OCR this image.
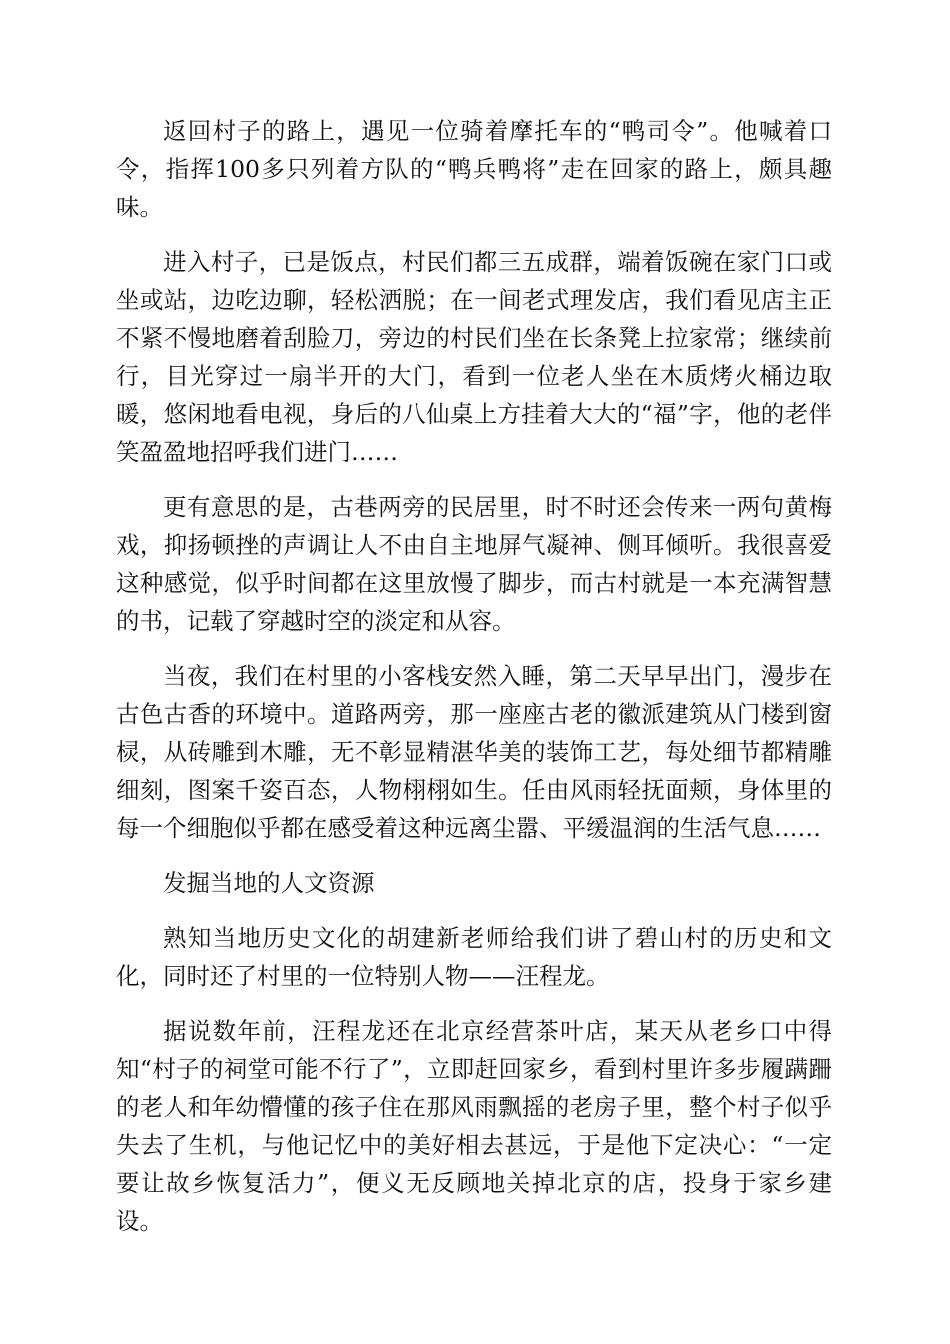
返回村子的路上，遇见一位骑着摩托车的“鸭司令”。他喊着口令，指挥100多只列着方队的“鸭兵鸭将”走在回家的路上，颇具趣味。

进入村子，已是饭点，村民们都三五成群，端着饭碗在家门口或坐或站，边吃边聊，轻松洒脱；在一间老式理发店，我们看见店主正不紧不慢地磨着刮脸刀，旁边的村民们坐在长条凳上拉家常；继续前行，目光穿过一扇半开的大门，看到一位老人坐在木质烤火桶边取暖，悠闲地看电视，身后的八仙桌上方挂着大大的“福”字，他的老伴笑盈盈地招呼我们进门……

更有意思的是，古巷两旁的民居里，时不时还会传来一两句黄梅戏，抑扬顿挫的声调让人不由自主地屏气凝神、侧耳倾听。我很喜爱这种感觉，似乎时间都在这里放慢了脚步，而古村就是一本充满智慧的书，记载了穿越时空的淡定和从容。

当夜，我们在村里的小客栈安然入睡，第二天早早出门，漫步在古色古香的环境中。道路两旁，那一座座古老的徽派建筑从门楼到窗棂，从砖雕到木雕，无不彰显精湛华美的装饰工艺，每处细节都精雕细刻，图案千姿百态，人物栩栩如生。任由风雨轻抚面颊，身体里的每一个细胞似乎都在感受着这种远离尘嚣、平缓温润的生活气息……

发掘当地的人文资源

熟知当地历史文化的胡建新老师给我们讲了碧山村的历史和文化，同时还了村里的一位特别人物——汪程龙。

据说数年前，汪程龙还在北京经营茶叶店，某天从老乡口中得知“村子的祠堂可能不行了”，立即赶回家乡，看到村里许多步履蹒跚的老人和年幼懵懂的孩子住在那风雨飘摇的老房子里，整个村子似乎失去了生机，与他记忆中的美好相去甚远，于是他下定决心：“一定要让故乡恢复活力”，便义无反顾地关掉北京的店，投身于家乡建设。
